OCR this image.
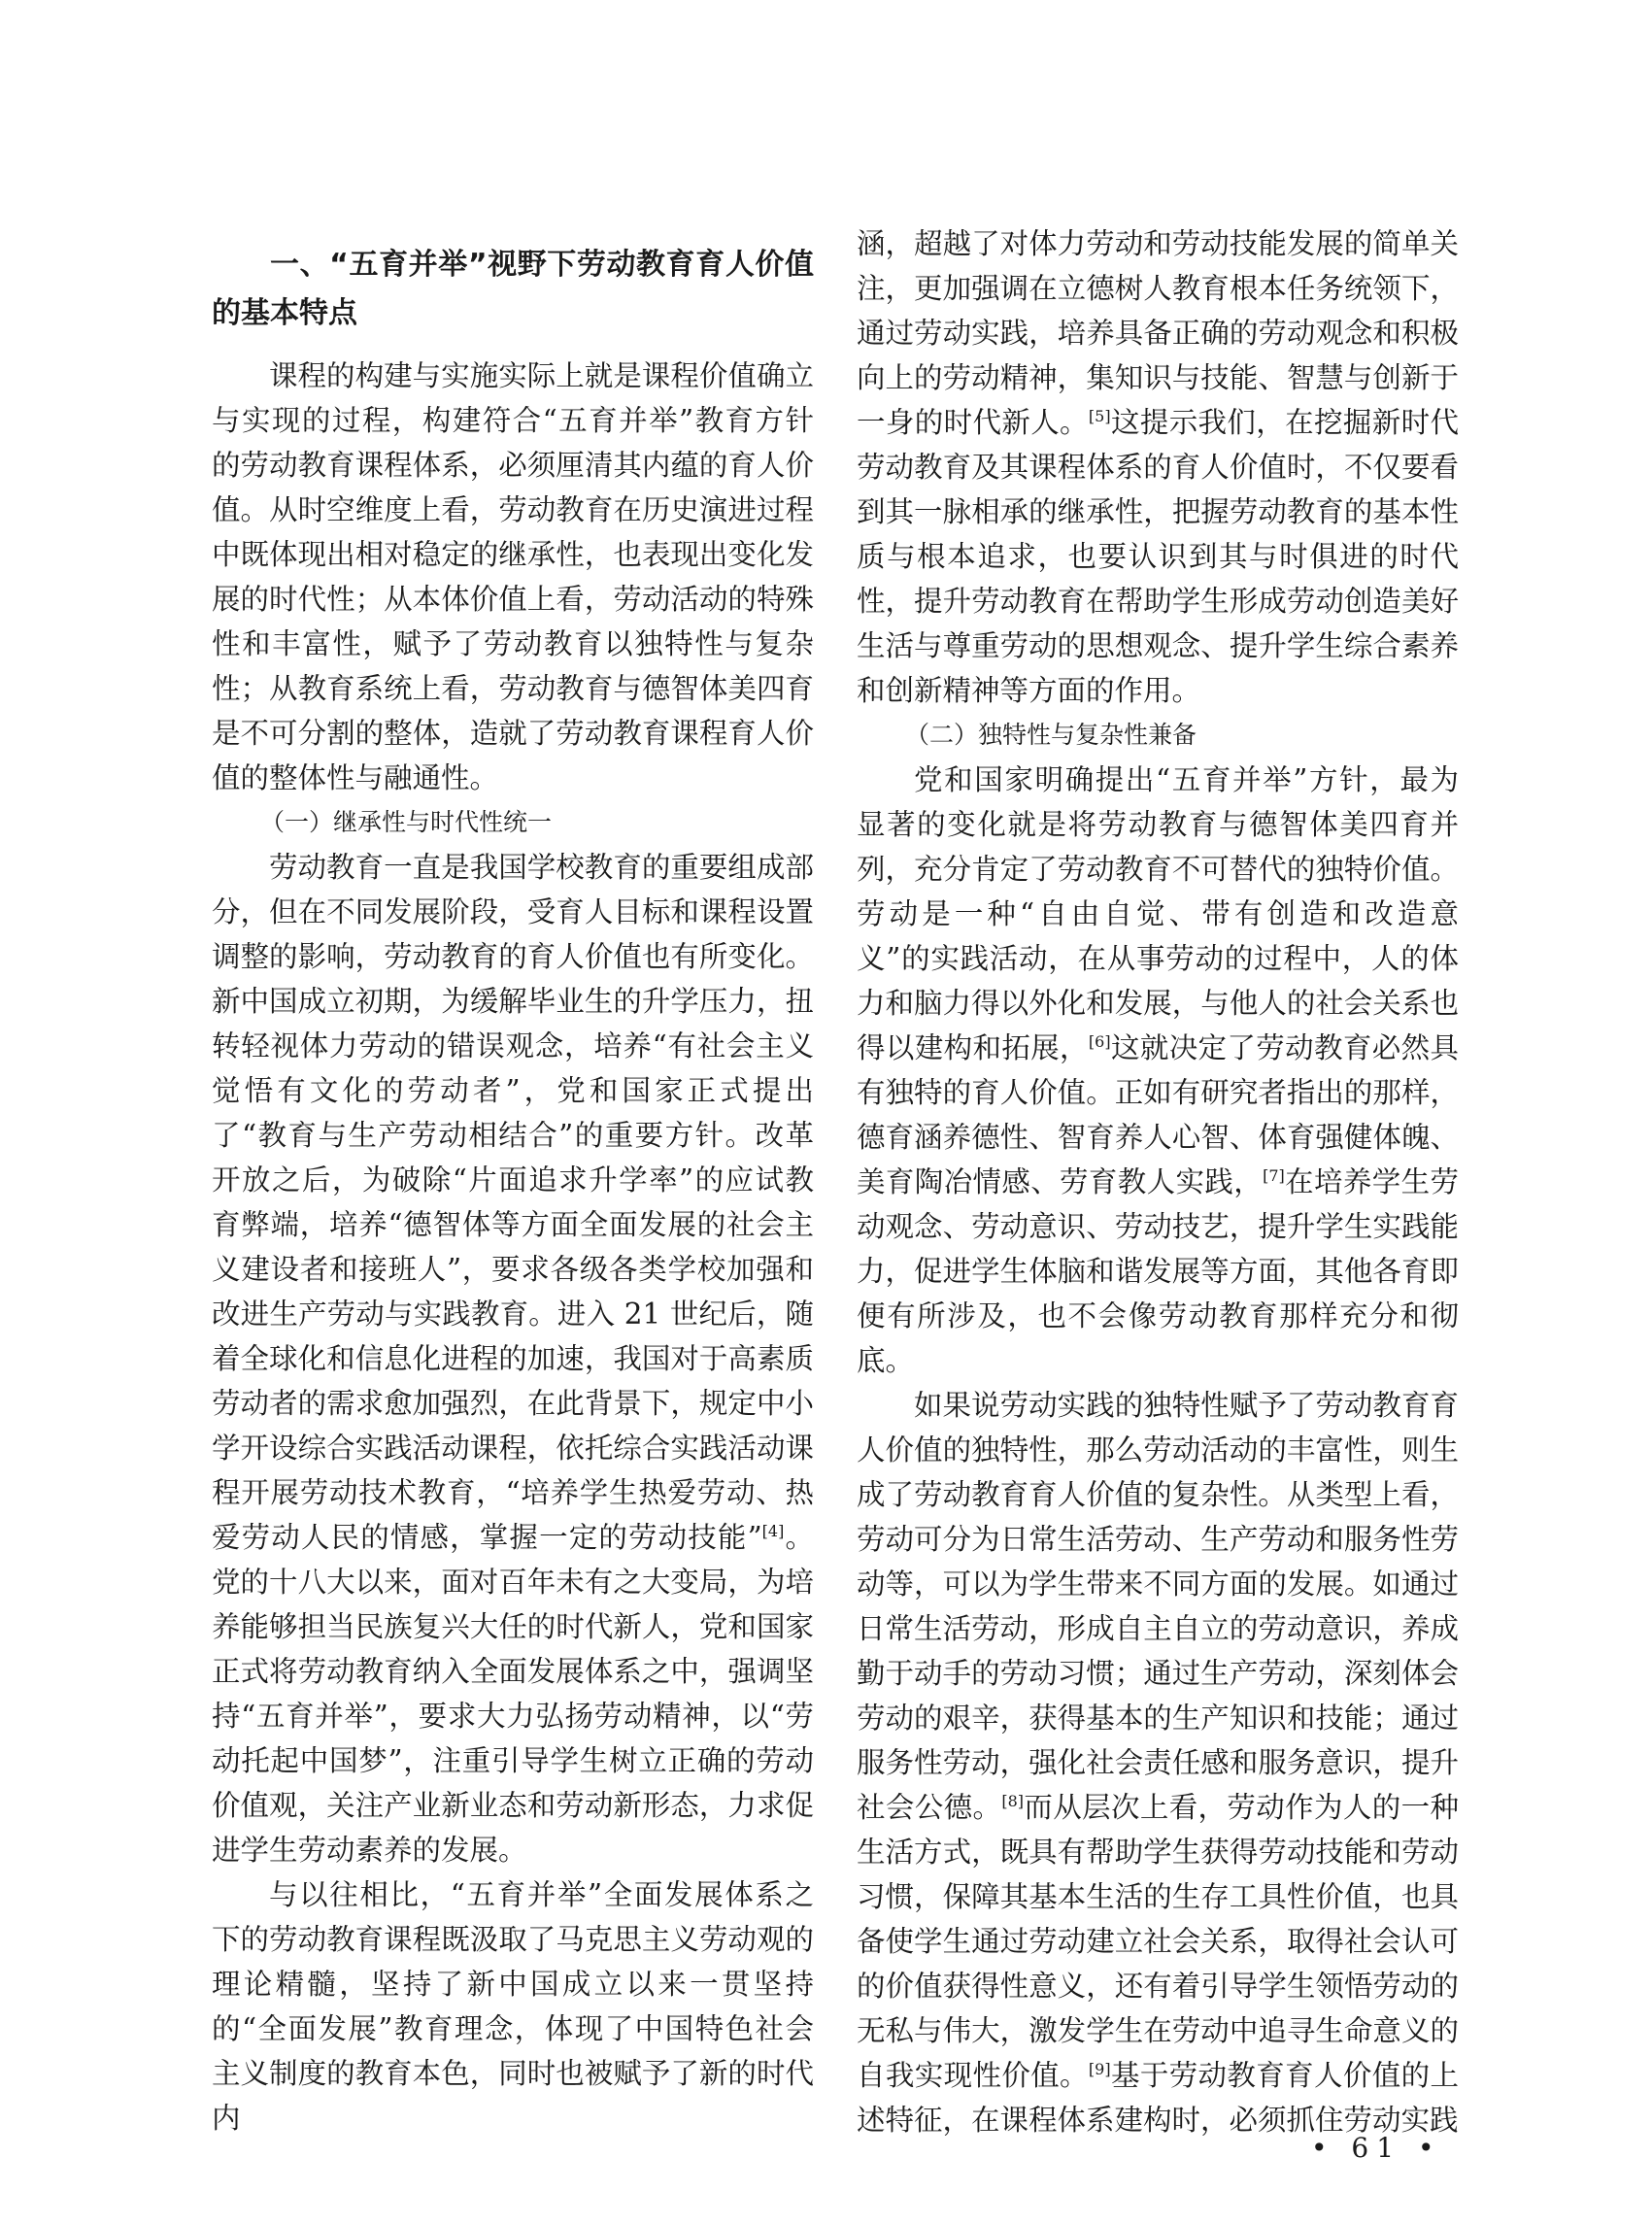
一、“五育并举”视野下劳动教育育人价值的基本特点

课程的构建与实施实际上就是课程价值确立与实现的过程，构建符合“五育并举”教育方针的劳动教育课程体系，必须厘清其内蕴的育人价值。从时空维度上看，劳动教育在历史演进过程中既体现出相对稳定的继承性，也表现出变化发展的时代性；从本体价值上看，劳动活动的特殊性和丰富性，赋予了劳动教育以独特性与复杂性；从教育系统上看，劳动教育与德智体美四育是不可分割的整体，造就了劳动教育课程育人价值的整体性与融通性。

（一）继承性与时代性统一

劳动教育一直是我国学校教育的重要组成部分，但在不同发展阶段，受育人目标和课程设置调整的影响，劳动教育的育人价值也有所变化。新中国成立初期，为缓解毕业生的升学压力，扭转轻视体力劳动的错误观念，培养“有社会主义觉悟有文化的劳动者”，党和国家正式提出了“教育与生产劳动相结合”的重要方针。改革开放之后，为破除“片面追求升学率”的应试教育弊端，培养“德智体等方面全面发展的社会主义建设者和接班人”，要求各级各类学校加强和改进生产劳动与实践教育。进入 21 世纪后，随着全球化和信息化进程的加速，我国对于高素质劳动者的需求愈加强烈，在此背景下，规定中小学开设综合实践活动课程，依托综合实践活动课程开展劳动技术教育，“培养学生热爱劳动、热爱劳动人民的情感，掌握一定的劳动技能”[4]。党的十八大以来，面对百年未有之大变局，为培养能够担当民族复兴大任的时代新人，党和国家正式将劳动教育纳入全面发展体系之中，强调坚持“五育并举”，要求大力弘扬劳动精神，以“劳动托起中国梦”，注重引导学生树立正确的劳动价值观，关注产业新业态和劳动新形态，力求促进学生劳动素养的发展。

与以往相比，“五育并举”全面发展体系之下的劳动教育课程既汲取了马克思主义劳动观的理论精髓，坚持了新中国成立以来一贯坚持的“全面发展”教育理念，体现了中国特色社会主义制度的教育本色，同时也被赋予了新的时代内

涵，超越了对体力劳动和劳动技能发展的简单关注，更加强调在立德树人教育根本任务统领下，通过劳动实践，培养具备正确的劳动观念和积极向上的劳动精神，集知识与技能、智慧与创新于一身的时代新人。[5]这提示我们，在挖掘新时代劳动教育及其课程体系的育人价值时，不仅要看到其一脉相承的继承性，把握劳动教育的基本性质与根本追求，也要认识到其与时俱进的时代性，提升劳动教育在帮助学生形成劳动创造美好生活与尊重劳动的思想观念、提升学生综合素养和创新精神等方面的作用。

（二）独特性与复杂性兼备

党和国家明确提出“五育并举”方针，最为显著的变化就是将劳动教育与德智体美四育并列，充分肯定了劳动教育不可替代的独特价值。劳动是一种“自由自觉、带有创造和改造意义”的实践活动，在从事劳动的过程中，人的体力和脑力得以外化和发展，与他人的社会关系也得以建构和拓展，[6]这就决定了劳动教育必然具有独特的育人价值。正如有研究者指出的那样，德育涵养德性、智育养人心智、体育强健体魄、美育陶冶情感、劳育教人实践，[7]在培养学生劳动观念、劳动意识、劳动技艺，提升学生实践能力，促进学生体脑和谐发展等方面，其他各育即便有所涉及，也不会像劳动教育那样充分和彻底。

如果说劳动实践的独特性赋予了劳动教育育人价值的独特性，那么劳动活动的丰富性，则生成了劳动教育育人价值的复杂性。从类型上看，劳动可分为日常生活劳动、生产劳动和服务性劳动等，可以为学生带来不同方面的发展。如通过日常生活劳动，形成自主自立的劳动意识，养成勤于动手的劳动习惯；通过生产劳动，深刻体会劳动的艰辛，获得基本的生产知识和技能；通过服务性劳动，强化社会责任感和服务意识，提升社会公德。[8]而从层次上看，劳动作为人的一种生活方式，既具有帮助学生获得劳动技能和劳动习惯，保障其基本生活的生存工具性价值，也具备使学生通过劳动建立社会关系，取得社会认可的价值获得性意义，还有着引导学生领悟劳动的无私与伟大，激发学生在劳动中追寻生命意义的自我实现性价值。[9]基于劳动教育育人价值的上述特征，在课程体系建构时，必须抓住劳动实践

• 61 •
